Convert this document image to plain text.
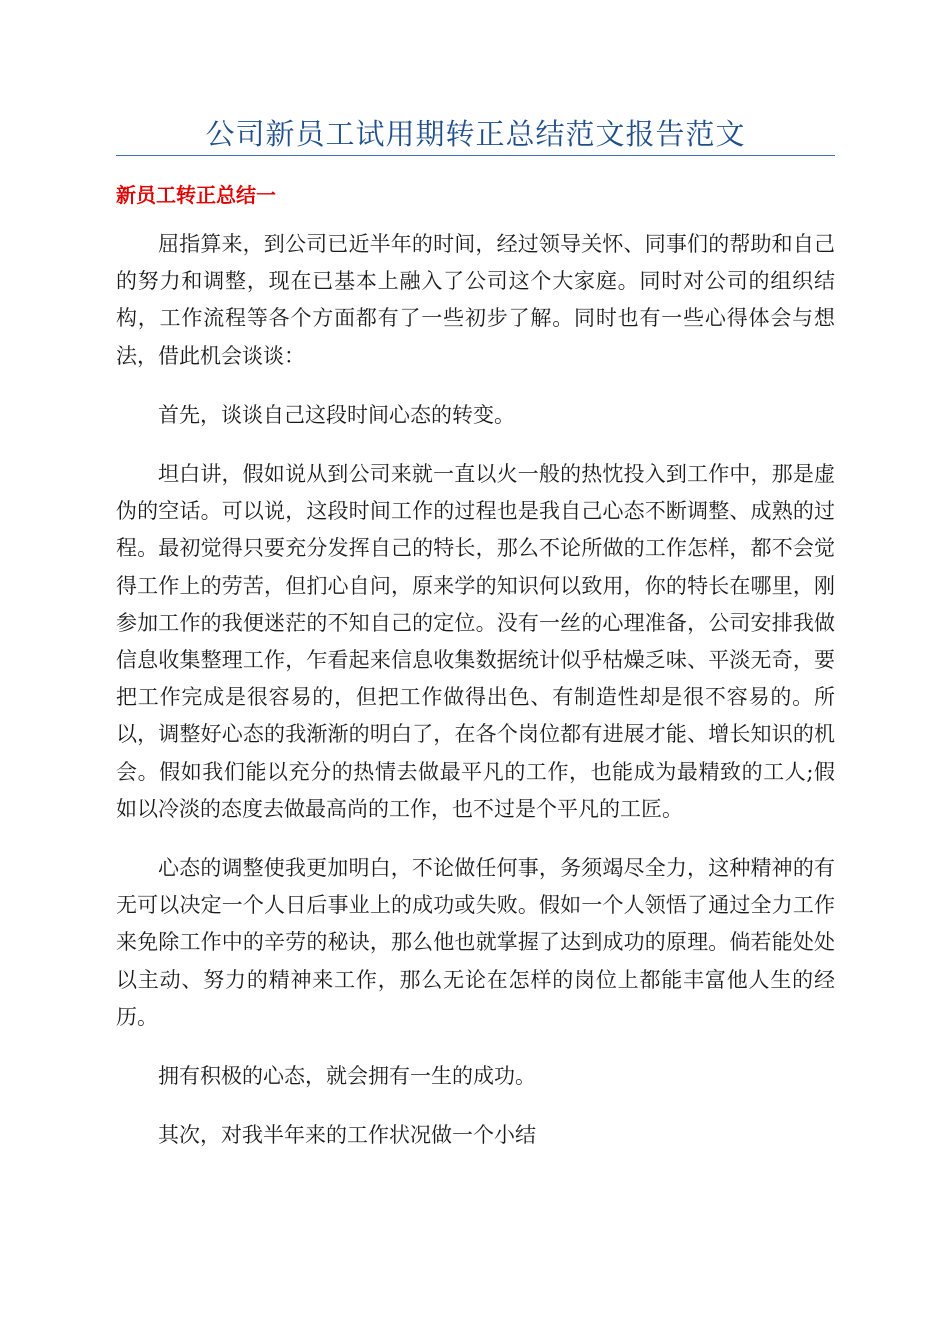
公司新员工试用期转正总结范文报告范文
新员工转正总结一

屈指算来，到公司已近半年的时间，经过领导关怀、同事们的帮助和自己的努力和调整，现在已基本上融入了公司这个大家庭。同时对公司的组织结构，工作流程等各个方面都有了一些初步了解。同时也有一些心得体会与想法，借此机会谈谈：

首先，谈谈自己这段时间心态的转变。

坦白讲，假如说从到公司来就一直以火一般的热忱投入到工作中，那是虚伪的空话。可以说，这段时间工作的过程也是我自己心态不断调整、成熟的过程。最初觉得只要充分发挥自己的特长，那么不论所做的工作怎样，都不会觉得工作上的劳苦，但扪心自问，原来学的知识何以致用，你的特长在哪里，刚参加工作的我便迷茫的不知自己的定位。没有一丝的心理准备，公司安排我做信息收集整理工作，乍看起来信息收集数据统计似乎枯燥乏味、平淡无奇，要把工作完成是很容易的，但把工作做得出色、有制造性却是很不容易的。所以，调整好心态的我渐渐的明白了，在各个岗位都有进展才能、增长知识的机会。假如我们能以充分的热情去做最平凡的工作，也能成为最精致的工人;假如以冷淡的态度去做最高尚的工作，也不过是个平凡的工匠。

心态的调整使我更加明白，不论做任何事，务须竭尽全力，这种精神的有无可以决定一个人日后事业上的成功或失败。假如一个人领悟了通过全力工作来免除工作中的辛劳的秘诀，那么他也就掌握了达到成功的原理。倘若能处处以主动、努力的精神来工作，那么无论在怎样的岗位上都能丰富他人生的经历。

拥有积极的心态，就会拥有一生的成功。

其次，对我半年来的工作状况做一个小结
